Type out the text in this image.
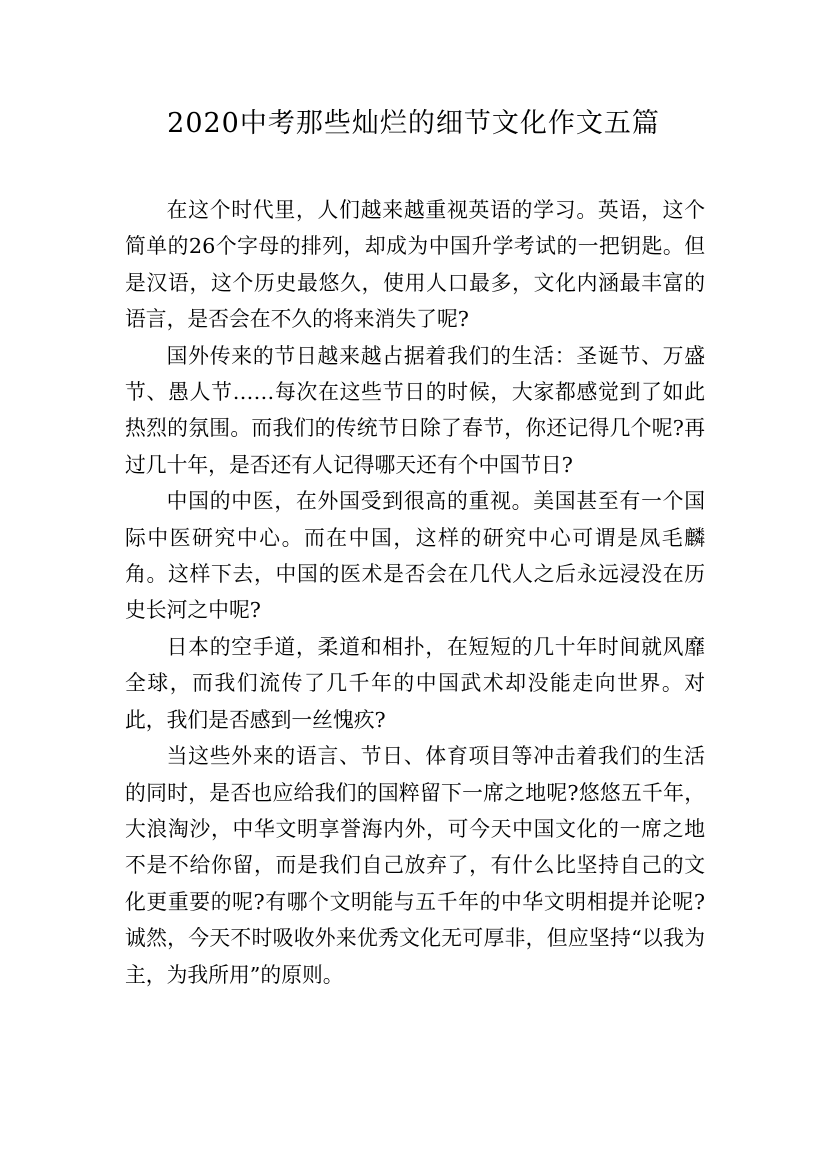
2020中考那些灿烂的细节文化作文五篇

在这个时代里，人们越来越重视英语的学习。英语，这个简单的26个字母的排列，却成为中国升学考试的一把钥匙。但是汉语，这个历史最悠久，使用人口最多，文化内涵最丰富的语言，是否会在不久的将来消失了呢?

国外传来的节日越来越占据着我们的生活：圣诞节、万盛节、愚人节……每次在这些节日的时候，大家都感觉到了如此热烈的氛围。而我们的传统节日除了春节，你还记得几个呢?再过几十年，是否还有人记得哪天还有个中国节日?

中国的中医，在外国受到很高的重视。美国甚至有一个国际中医研究中心。而在中国，这样的研究中心可谓是凤毛麟角。这样下去，中国的医术是否会在几代人之后永远浸没在历史长河之中呢?

日本的空手道，柔道和相扑，在短短的几十年时间就风靡全球，而我们流传了几千年的中国武术却没能走向世界。对此，我们是否感到一丝愧疚?

当这些外来的语言、节日、体育项目等冲击着我们的生活的同时，是否也应给我们的国粹留下一席之地呢?悠悠五千年，大浪淘沙，中华文明享誉海内外，可今天中国文化的一席之地不是不给你留，而是我们自己放弃了，有什么比坚持自己的文化更重要的呢?有哪个文明能与五千年的中华文明相提并论呢?诚然，今天不时吸收外来优秀文化无可厚非，但应坚持“以我为主，为我所用”的原则。
